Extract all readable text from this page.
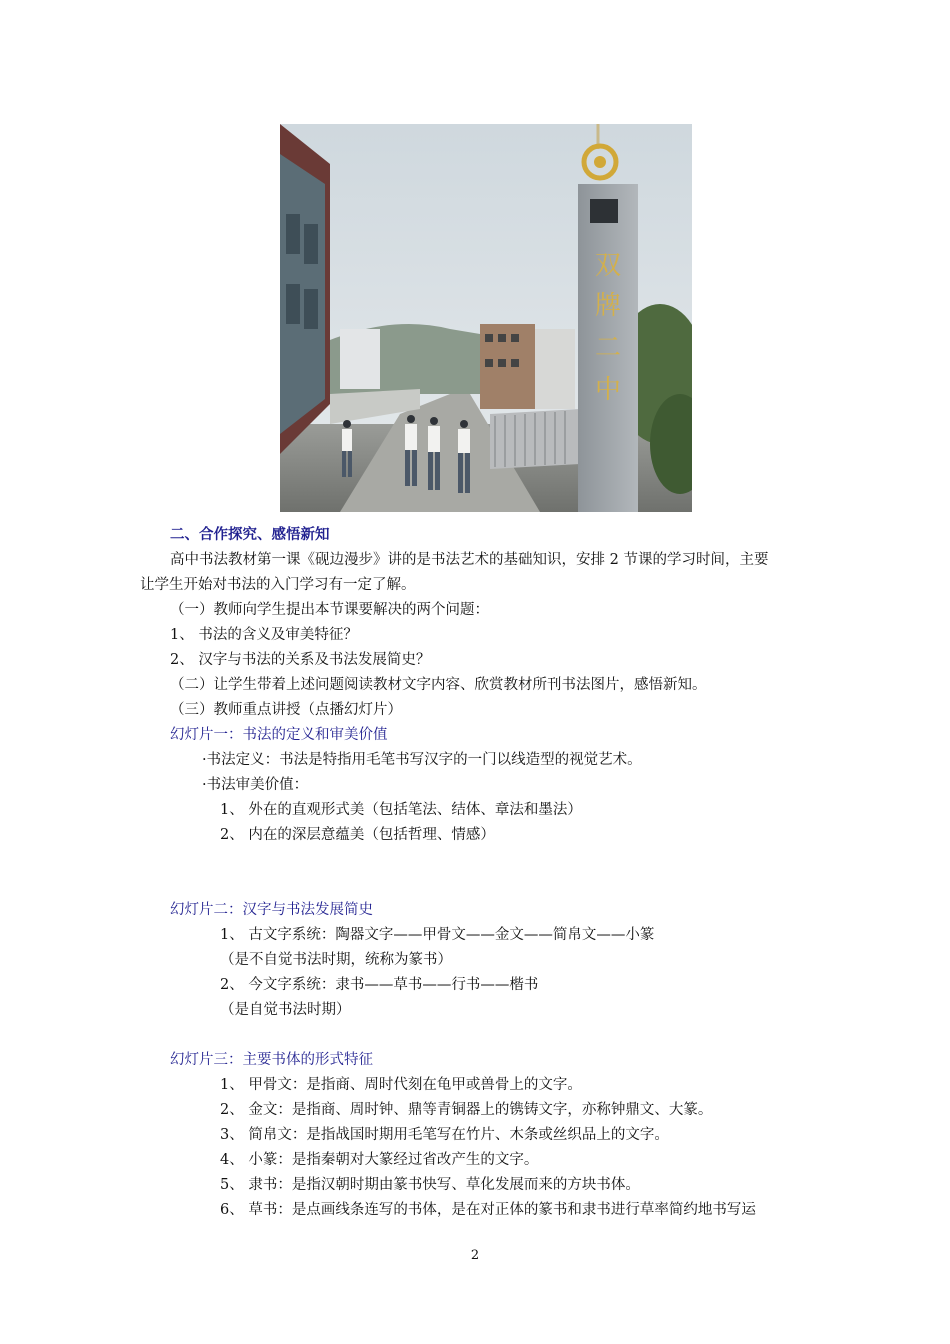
双
牌
二
中
二、合作探究、感悟新知
高中书法教材第一课《砚边漫步》讲的是书法艺术的基础知识，安排 2 节课的学习时间，主要
让学生开始对书法的入门学习有一定了解。
（一）教师向学生提出本节课要解决的两个问题：
1、 书法的含义及审美特征？
2、 汉字与书法的关系及书法发展简史？
（二）让学生带着上述问题阅读教材文字内容、欣赏教材所刊书法图片，感悟新知。
（三）教师重点讲授（点播幻灯片）
幻灯片一：书法的定义和审美价值
·书法定义：书法是特指用毛笔书写汉字的一门以线造型的视觉艺术。
·书法审美价值：
1、 外在的直观形式美（包括笔法、结体、章法和墨法）
2、 内在的深层意蕴美（包括哲理、情感）
幻灯片二：汉字与书法发展简史
1、 古文字系统：陶器文字——甲骨文——金文——简帛文——小篆
（是不自觉书法时期，统称为篆书）
2、 今文字系统：隶书——草书——行书——楷书
（是自觉书法时期）
幻灯片三：主要书体的形式特征
1、 甲骨文：是指商、周时代刻在龟甲或兽骨上的文字。
2、 金文：是指商、周时钟、鼎等青铜器上的镌铸文字，亦称钟鼎文、大篆。
3、 简帛文：是指战国时期用毛笔写在竹片、木条或丝织品上的文字。
4、 小篆：是指秦朝对大篆经过省改产生的文字。
5、 隶书：是指汉朝时期由篆书快写、草化发展而来的方块书体。
6、 草书：是点画线条连写的书体，是在对正体的篆书和隶书进行草率简约地书写运
2
